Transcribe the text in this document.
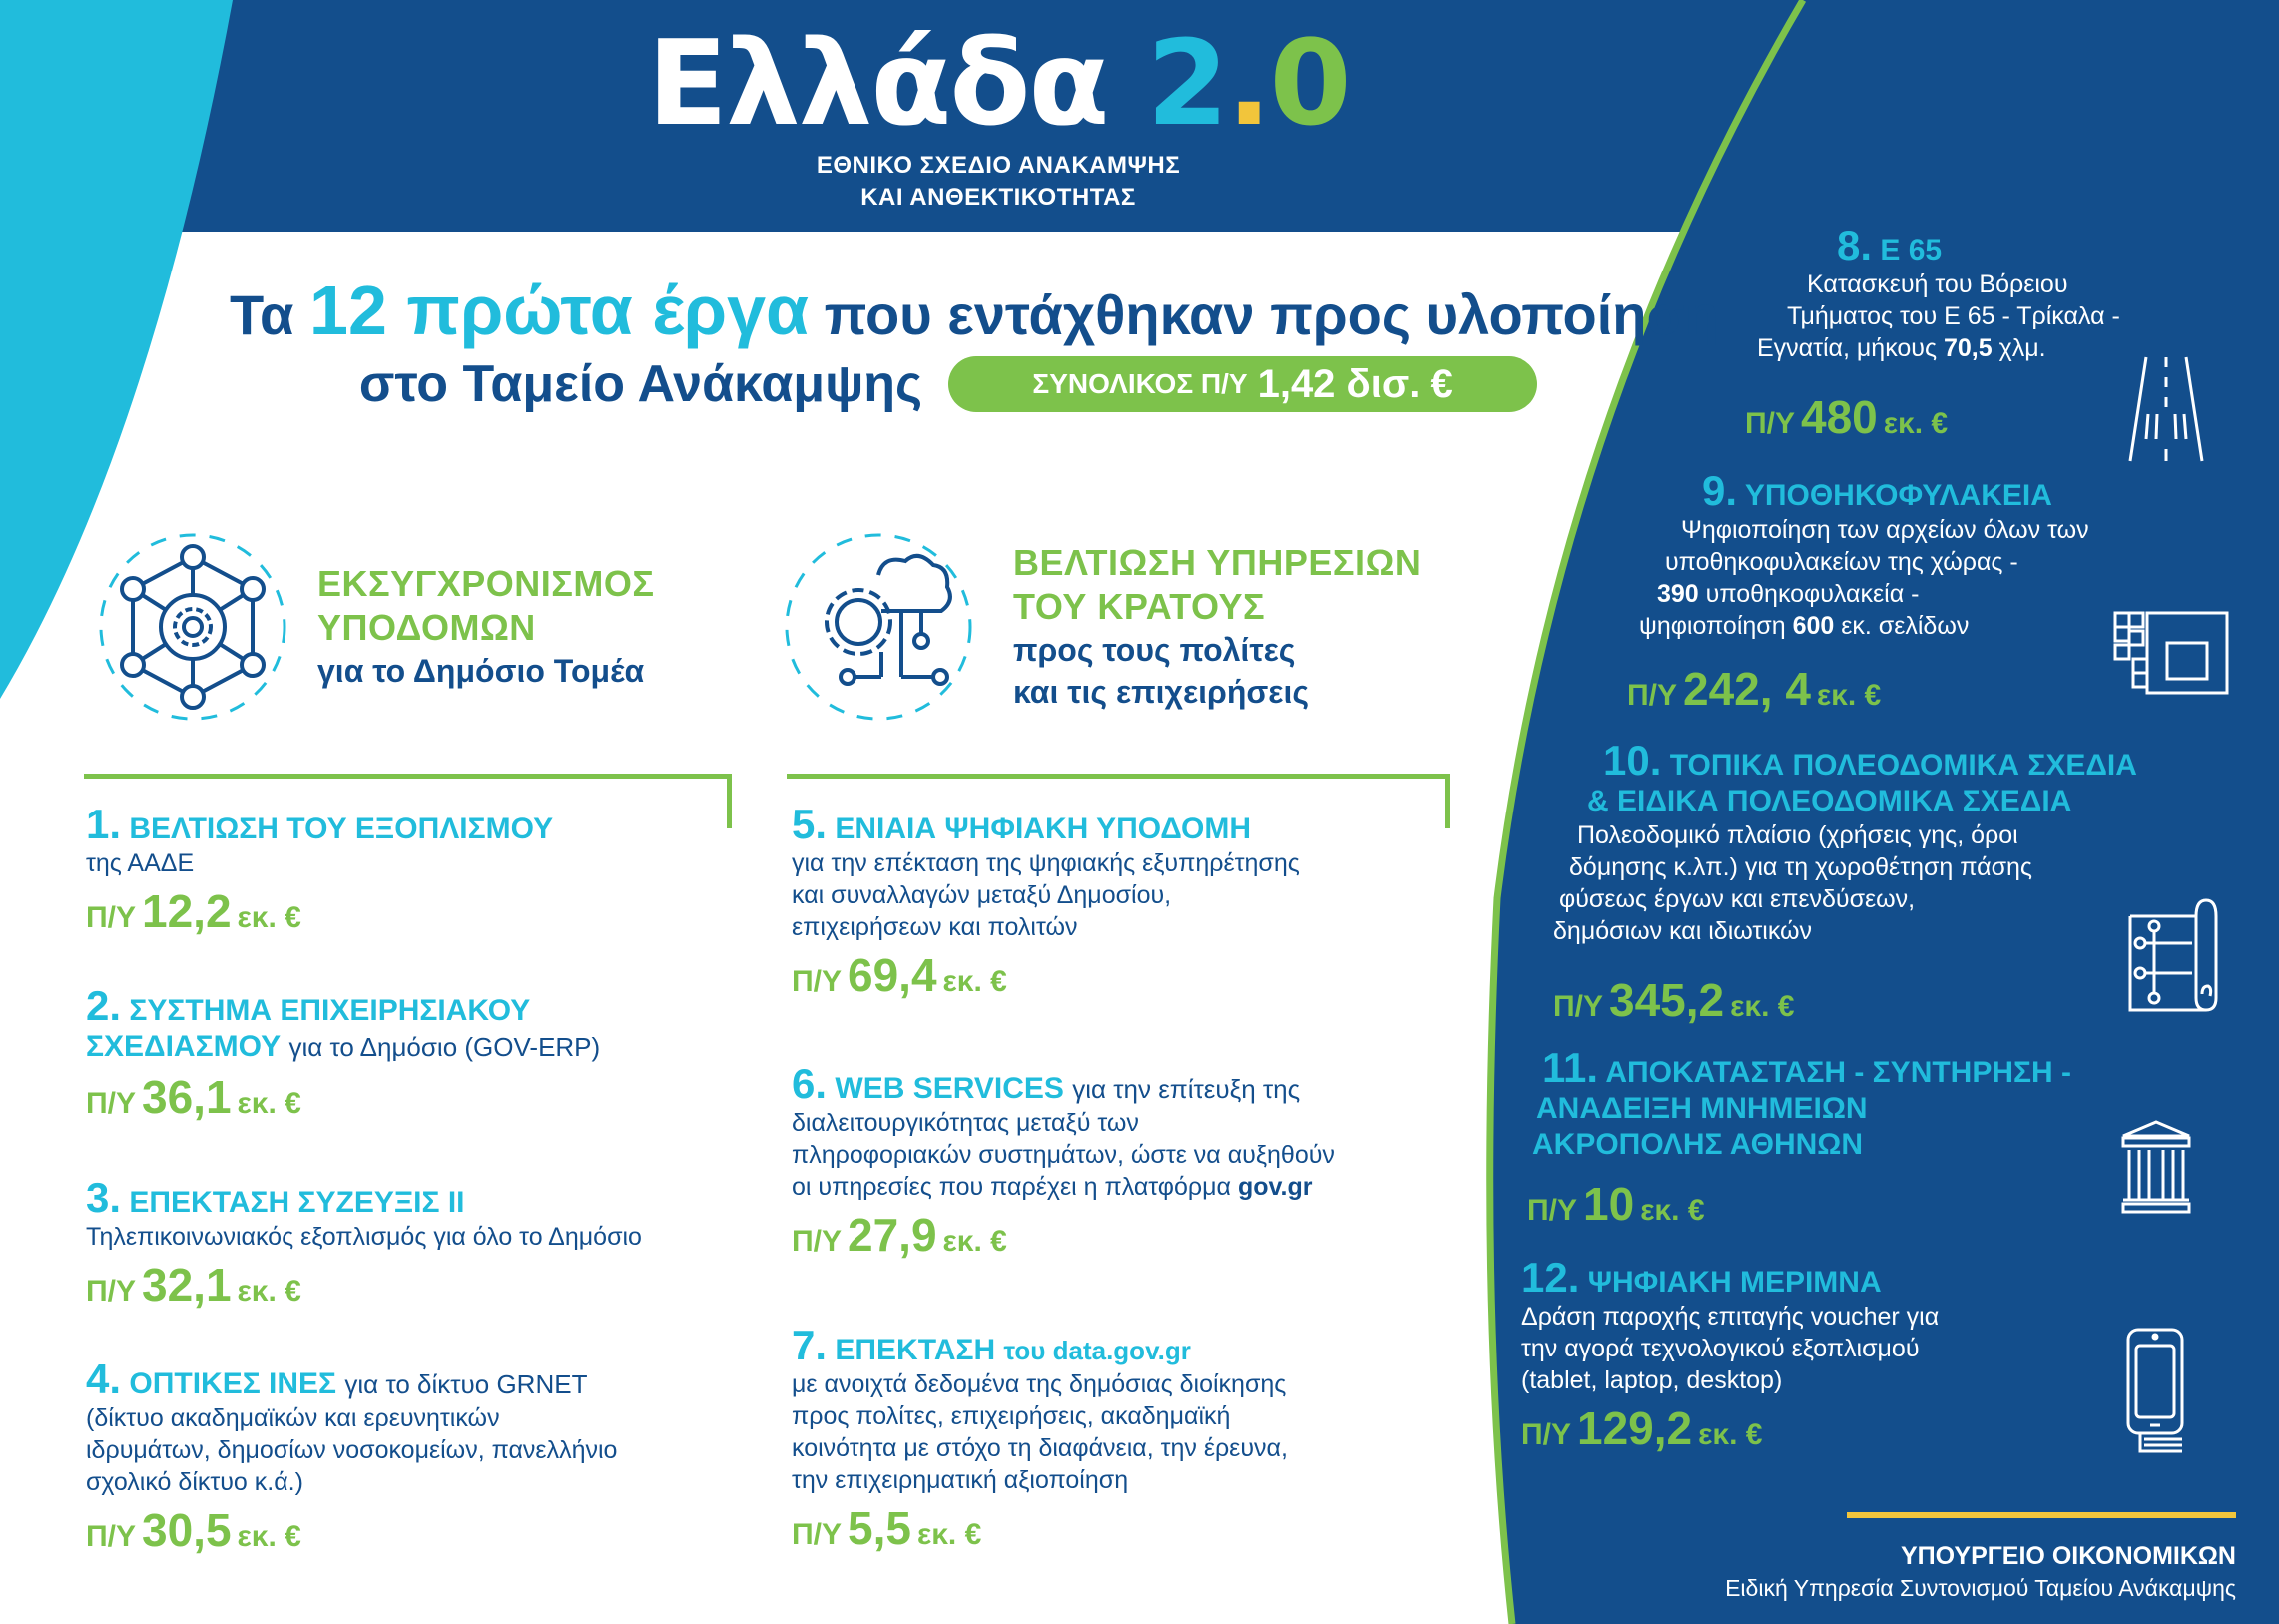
Ελλάδα 2.0
ΕΘΝΙΚΟ ΣΧΕΔΙΟ ΑΝΑΚΑΜΨΗΣ
ΚΑΙ ΑΝΘΕΚΤΙΚΟΤΗΤΑΣ
Τα 12 πρώτα έργα που εντάχθηκαν προς υλοποίηση
στο Ταμείο Ανάκαμψης	ΣΥΝΟΛΙΚΟΣ Π/Υ 1,42 δισ. €
ΕΚΣΥΓΧΡΟΝΙΣΜΟΣ
ΥΠΟΔΟΜΩΝ
για το Δημόσιο Τομέα
ΒΕΛΤΙΩΣΗ ΥΠΗΡΕΣΙΩΝ
ΤΟΥ ΚΡΑΤΟΥΣ
προς τους πολίτες
και τις επιχειρήσεις
1. ΒΕΛΤΙΩΣΗ ΤΟΥ ΕΞΟΠΛΙΣΜΟΥ
της ΑΑΔΕ
Π/Υ 12,2 εκ. €
2. ΣΥΣΤΗΜΑ ΕΠΙΧΕΙΡΗΣΙΑΚΟΥ
ΣΧΕΔΙΑΣΜΟΥ για το Δημόσιο (GOV-ERP)
Π/Υ 36,1 εκ. €
3. ΕΠΕΚΤΑΣΗ ΣΥΖΕΥΞΙΣ ΙΙ
Τηλεπικοινωνιακός εξοπλισμός για όλο το Δημόσιο
Π/Υ 32,1 εκ. €
4. ΟΠΤΙΚΕΣ ΙΝΕΣ για το δίκτυο GRNET
(δίκτυο ακαδημαϊκών και ερευνητικών
ιδρυμάτων, δημοσίων νοσοκομείων, πανελλήνιο
σχολικό δίκτυο κ.ά.)
Π/Υ 30,5 εκ. €
5. ΕΝΙΑΙΑ ΨΗΦΙΑΚΗ ΥΠΟΔΟΜΗ
για την επέκταση της ψηφιακής εξυπηρέτησης
και συναλλαγών μεταξύ Δημοσίου,
επιχειρήσεων και πολιτών
Π/Υ 69,4 εκ. €
6. WEB SERVICES για την επίτευξη της
διαλειτουργικότητας μεταξύ των
πληροφοριακών συστημάτων, ώστε να αυξηθούν
οι υπηρεσίες που παρέχει η πλατφόρμα gov.gr
Π/Υ 27,9 εκ. €
7. ΕΠΕΚΤΑΣΗ του data.gov.gr
με ανοιχτά δεδομένα της δημόσιας διοίκησης
προς πολίτες, επιχειρήσεις, ακαδημαϊκή
κοινότητα με στόχο τη διαφάνεια, την έρευνα,
την επιχειρηματική αξιοποίηση
Π/Υ 5,5 εκ. €
8. Ε 65
Κατασκευή του Βόρειου
Τμήματος του Ε 65 - Τρίκαλα -
Εγνατία, μήκους 70,5 χλμ.
Π/Υ 480 εκ. €
9. ΥΠΟΘΗΚΟΦΥΛΑΚΕΙΑ
Ψηφιοποίηση των αρχείων όλων των
υποθηκοφυλακείων της χώρας -
390 υποθηκοφυλακεία -
ψηφιοποίηση 600 εκ. σελίδων
Π/Υ 242, 4 εκ. €
10. ΤΟΠΙΚΑ ΠΟΛΕΟΔΟΜΙΚΑ ΣΧΕΔΙΑ
& ΕΙΔΙΚΑ ΠΟΛΕΟΔΟΜΙΚΑ ΣΧΕΔΙΑ
Πολεοδομικό πλαίσιο (χρήσεις γης, όροι
δόμησης κ.λπ.) για τη χωροθέτηση πάσης
φύσεως έργων και επενδύσεων,
δημόσιων και ιδιωτικών
Π/Υ 345,2 εκ. €
11. ΑΠΟΚΑΤΑΣΤΑΣΗ - ΣΥΝΤΗΡΗΣΗ -
ΑΝΑΔΕΙΞΗ ΜΝΗΜΕΙΩΝ
ΑΚΡΟΠΟΛΗΣ ΑΘΗΝΩΝ
Π/Υ 10 εκ. €
12. ΨΗΦΙΑΚΗ ΜΕΡΙΜΝΑ
Δράση παροχής επιταγής voucher για
την αγορά τεχνολογικού εξοπλισμού
(tablet, laptop, desktop)
Π/Υ 129,2 εκ. €
ΥΠΟΥΡΓΕΙΟ ΟΙΚΟΝΟΜΙΚΩΝ
Ειδική Υπηρεσία Συντονισμού Ταμείου Ανάκαμψης
